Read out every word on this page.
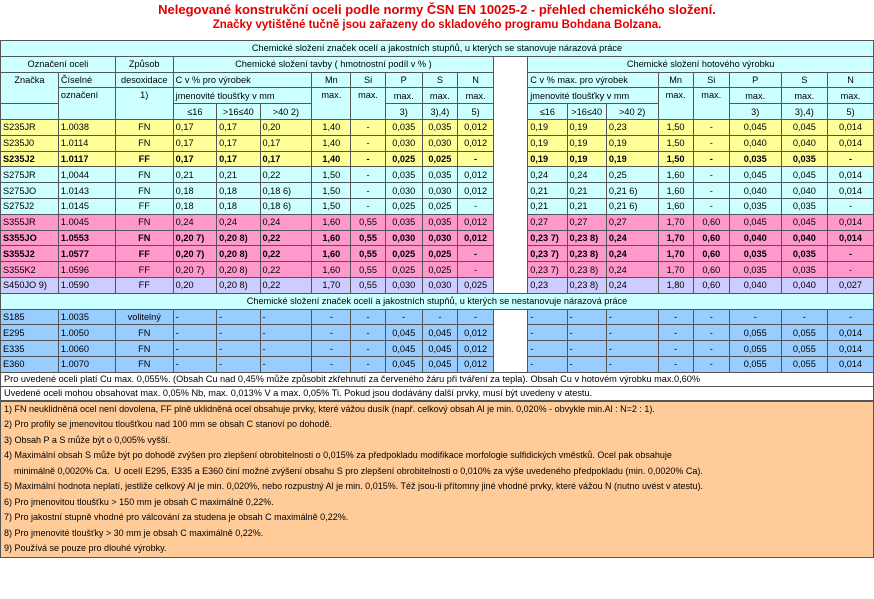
Nelegované konstrukční oceli podle normy ČSN EN 10025-2 - přehled chemického složení.
Značky vytištěné tučně jsou zařazeny do skladového programu Bohdana Bolzana.
Chemické složení značek ocelí a jakostních stupňů, u kterých se stanovuje nárazová práce																			
Označení oceli		Způsob	Chemické složení tavby ( hmotnostní podíl v % )									Chemické složení hotového výrobku							
Značka	Číselné	desoxidace	C v % pro výrobek			Mn	Si	P	S	N		C v % max. pro výrobek			Mn	Si	P	S	N
	označení	1)	jmenovité tloušťky v mm			max.	max.	max.	max.	max.		jmenovité tloušťky v mm			max.	max.	max.	max.	max.
			≤16	>16≤40	>40 2)			3)	3),4)	5)		≤16	>16≤40	>40 2)			3)	3),4)	5)
S235JR	1.0038	FN	0,17	0,17	0,20	1,40	-	0,035	0,035	0,012		0,19	0,19	0,23	1,50	-	0,045	0,045	0,014
S235J0	1.0114	FN	0,17	0,17	0,17	1,40	-	0,030	0,030	0,012		0,19	0,19	0,19	1,50	-	0,040	0,040	0,014
S235J2	1.0117	FF	0,17	0,17	0,17	1,40	-	0,025	0,025	-		0,19	0,19	0,19	1,50	-	0,035	0,035	-
S275JR	1,0044	FN	0,21	0,21	0,22	1,50	-	0,035	0,035	0,012		0,24	0,24	0,25	1,60	-	0,045	0,045	0,014
S275JO	1.0143	FN	0,18	0,18	0,18 6)	1,50	-	0,030	0,030	0,012		0,21	0,21	0,21 6)	1,60	-	0,040	0,040	0,014
S275J2	1.0145	FF	0,18	0,18	0,18 6)	1,50	-	0,025	0,025	-		0,21	0,21	0,21 6)	1,60	-	0,035	0,035	-
S355JR	1.0045	FN	0,24	0,24	0,24	1,60	0,55	0,035	0,035	0,012		0,27	0,27	0,27	1,70	0,60	0,045	0,045	0,014
S355JO	1.0553	FN	0,20 7)	0,20 8)	0,22	1,60	0,55	0,030	0,030	0,012		0,23 7)	0,23 8)	0,24	1,70	0,60	0,040	0,040	0,014
S355J2	1.0577	FF	0,20 7)	0,20 8)	0,22	1,60	0,55	0,025	0,025	-		0,23 7)	0,23 8)	0,24	1,70	0,60	0,035	0,035	-
S355K2	1.0596	FF	0,20 7)	0,20 8)	0,22	1,60	0,55	0,025	0,025	-		0,23 7)	0,23 8)	0,24	1,70	0,60	0,035	0,035	-
S450JO 9)	1.0590	FF	0,20	0,20 8)	0,22	1,70	0,55	0,030	0,030	0,025		0,23	0,23 8)	0,24	1,80	0,60	0,040	0,040	0,027
Chemické složení značek ocelí a jakostních stupňů, u kterých se nestanovuje nárazová práce																			
S185	1.0035	volitelný	-	-	-	-	-	-	-	-		-	-	-	-	-	-	-	-
E295	1.0050	FN	-	-	-	-	-	0,045	0,045	0,012		-	-	-	-	-	0,055	0,055	0,014
E335	1.0060	FN	-	-	-	-	-	0,045	0,045	0,012		-	-	-	-	-	0,055	0,055	0,014
E360	1.0070	FN	-	-	-	-	-	0,045	0,045	0,012		-	-	-	-	-	0,055	0,055	0,014
Pro uvedené oceli platí Cu max. 0,055%. (Obsah Cu nad 0,45% může způsobit zkřehnutí za červeného žáru při tváření za tepla). Obsah Cu v hotovém výrobku max.0,60%																			
Uvedené oceli mohou obsahovat max. 0,05% Nb, max. 0,013% V a max. 0,05% Ti. Pokud jsou dodávány další prvky, musí být uvedeny v atestu.																			
1) FN neuklidněná ocel není dovolena, FF plně uklidněná ocel obsahuje prvky, které vážou dusík (např. celkový obsah Al je min. 0,020% - obvykle min.Al : N=2 : 1).
2) Pro profily se jmenovitou tloušťkou nad 100 mm se obsah C stanoví po dohodě.
3) Obsah P a S může být o 0,005% vyšší.
4) Maximální obsah S může být po dohodě zvýšen pro zlepšení obrobitelnosti o 0,015% za předpokladu modifikace morfologie sulfidických vměstků. Ocel pak obsahuje
minimálně 0,0020% Ca.  U ocelí E295, E335 a E360 činí možné zvýšení obsahu S pro zlepšení obrobitelnosti o 0,010% za výše uvedeného předpokladu (min. 0,0020% Ca).
5) Maximální hodnota neplatí, jestliže celkový Al je min. 0,020%, nebo rozpustný Al je min. 0,015%. Též jsou-li přítomny jiné vhodné prvky, které vážou N (nutno uvést v atestu).
6) Pro jmenovitou tloušťku > 150 mm je obsah C maximálně 0,22%.
7) Pro jakostní stupně vhodné pro válcování za studena je obsah C maximálně 0,22%.
8) Pro jmenovité tloušťky > 30 mm je obsah C maximálně 0,22%.
9) Používá se pouze pro dlouhé výrobky.
